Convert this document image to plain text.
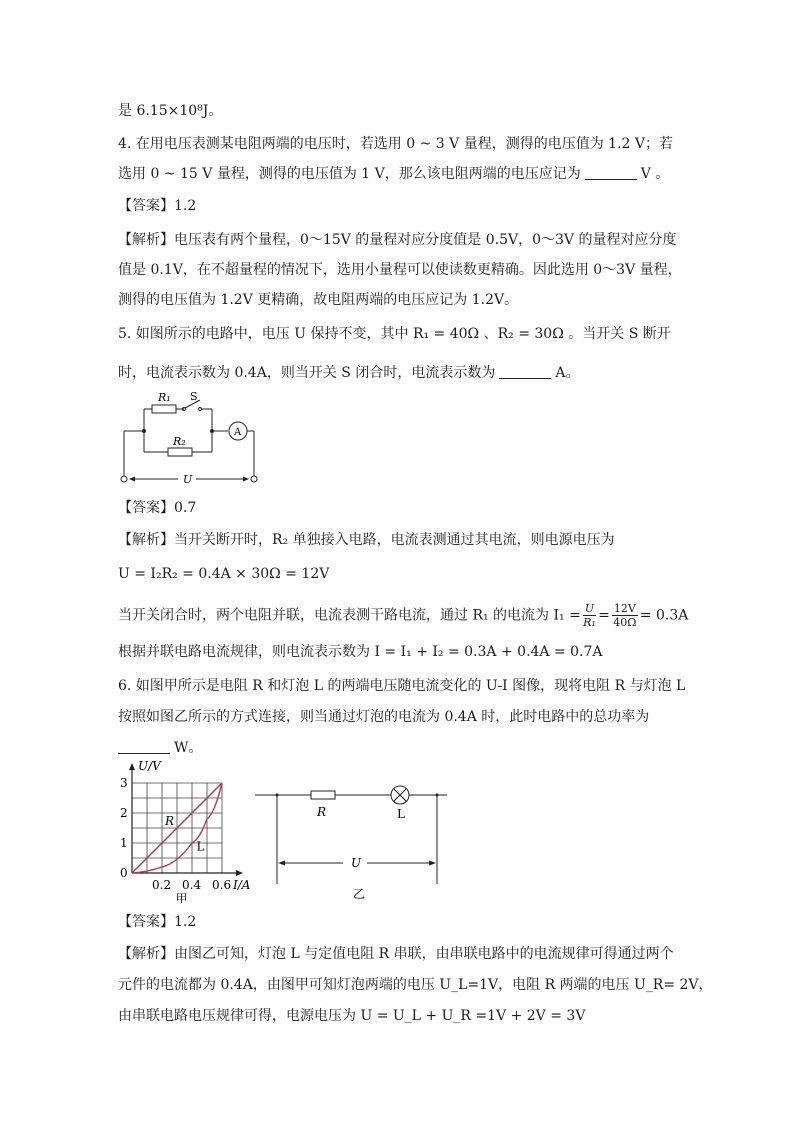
是 6.15×10⁸J。
4. 在用电压表测某电阻两端的电压时，若选用 0 ~ 3 V 量程，测得的电压值为 1.2 V；若
选用 0 ~ 15 V 量程，测得的电压值为 1 V，那么该电阻两端的电压应记为	V 。
【答案】1.2
【解析】电压表有两个量程，0～15V 的量程对应分度值是 0.5V，0～3V 的量程对应分度
值是 0.1V，在不超量程的情况下，选用小量程可以使读数更精确。因此选用 0～3V 量程，
测得的电压值为 1.2V 更精确，故电阻两端的电压应记为 1.2V。
5. 如图所示的电路中，电压 U 保持不变，其中 R₁ = 40Ω 、R₂ = 30Ω 。当开关 S 断开
时，电流表示数为 0.4A，则当开关 S 闭合时，电流表示数为	A。
R₁ S
R₂
A
U
【答案】0.7
【解析】当开关断开时，R₂ 单独接入电路，电流表测通过其电流，则电源电压为
U = I₂R₂ = 0.4A × 30Ω = 12V
当开关闭合时，两个电阻并联，电流表测干路电流，通过 R₁ 的电流为 $I_1 = \frac{U}{\text{R₁}} = \frac{12V}{40\Omega} = 0.3A$
根据并联电路电流规律，则电流表示数为 I = I₁ + I₂ = 0.3A + 0.4A = 0.7A
6. 如图甲所示是电阻 R 和灯泡 L 的两端电压随电流变化的 U-I 图像，现将电阻 R 与灯泡 L
按照如图乙所示的方式连接，则当通过灯泡的电流为 0.4A 时，此时电路中的总功率为
W。
0
1
2
3
0.2 0.4 0.6
U/V
I/A
R
L
甲
R	L
U
乙
【答案】1.2
【解析】由图乙可知，灯泡 L 与定值电阻 R 串联，由串联电路中的电流规律可得通过两个
元件的电流都为 0.4A，由图甲可知灯泡两端的电压 U_L=1V，电阻 R 两端的电压 U_R= 2V，
由串联电路电压规律可得，电源电压为 U = U_L + U_R =1V + 2V = 3V
